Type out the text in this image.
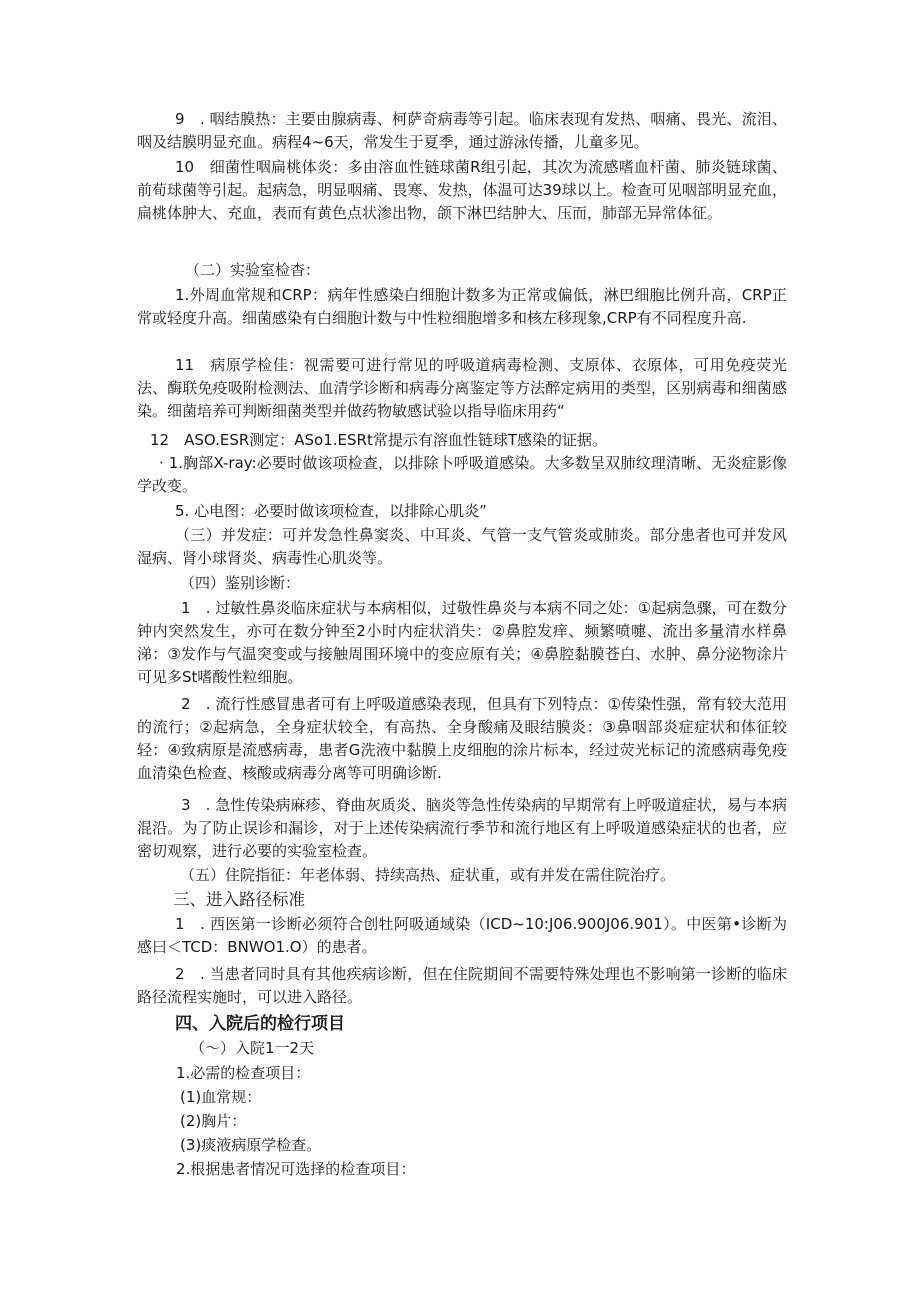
9　. 咽结膜热：主要由腺病毒、柯萨奇病毒等引起。临床表现有发热、咽痛、畏光、流泪、咽及结膜明显充血。病程4~6天，常发生于夏季，通过游泳传播，儿童多见。

10　细菌性咽扁桃体炎：多由溶血性链球菌R组引起，其次为流感嗜血杆菌、肺炎链球菌、前荀球菌等引起。起病急，明显咽痛、畏寒、发热，体温可达39球以上。检查可见咽部明显充血，扁桃体肿大、充血，表而有黄色点状渗出物，颌下淋巴结肿大、压而，肺部无异常体征。

（二）实验室检杳：

1.外周血常规和CRP：病年性感染白细胞计数多为正常或偏低，淋巴细胞比例升高，CRP正常或轻度升高。细菌感染有白细胞计数与中性粒细胞增多和核左移现象,CRP有不同程度升高.

11　病原学检佳：视需要可进行常见的呼吸道病毒检测、支原体、衣原体，可用免疫荧光法、酶联免疫吸附检测法、血清学诊断和病毒分离鉴定等方法醉定病用的类型，区别病毒和细菌感染。细菌培养可判断细菌类型并做药物敏感试验以指导临床用药“

12　ASO.ESR测定：ASo1.ESRt常提示有溶血性链球T感染的证据。

· 1.胸部X-ray:必要时做该项检查，以排除卜呼吸道感染。大多数呈双肺纹理清晰、无炎症影像学改变。

5. 心电图：必要时做该项检查，以排除心肌炎”

（三）并发症：可并发急性鼻窦炎、中耳炎、气管一支气管炎或肺炎。部分患者也可并发风湿病、肾小球肾炎、病毒性心肌炎等。

（四）鉴别诊断：

1　. 过敏性鼻炎临床症状与本病相似，过敬性鼻炎与本病不同之处：①起病急骤，可在数分钟内突然发生，亦可在数分钟至2小时内症状消失：②鼻腔发痒、频繁喷嚏、流出多量清水样鼻涕：③发作与气温突变或与接触周围环境中的变应原有关；④鼻腔黏膜苍白、水肿、鼻分泌物涂片可见多St嗜酸性粒细胞。

2　. 流行性感冒患者可有上呼吸道感染表现，但具有下列特点：①传染性强，常有较大范用的流行；②起病急，全身症状较全，有高热、全身酸痛及眼结膜炎：③鼻咽部炎症症状和体征较轻：④致病原是流感病毒，患者G洗液中黏膜上皮细胞的涂片标本，经过荧光标记的流感病毒免疫血清染色检查、核酸或病毒分离等可明确诊断.

3　. 急性传染病麻疹、脊曲灰质炎、脑炎等急性传染病的早期常有上呼吸道症状，易与本病混沿。为了防止误诊和漏诊，对于上述传染病流行季节和流行地区有上呼吸道感染症状的也者，应密切观察，进行必要的实验室检查。

（五）住院指征：年老体弱、持续高热、症状重，或有并发在需住院治疗。

三、进入路径标准

1　. 西医第一诊断必须符合创牡阿吸通域染（ICD~10:J06.900J06.901）。中医第•诊断为感曰＜TCD：BNWO1.O）的患者。

2　. 当患者同时具有其他疾病诊断，但在住院期间不需要特殊处理也不影响第一诊断的临床路径流程实施时，可以进入路径。

四、入院后的检行项目

（〜）入院1一2天

1.必需的检查项目：

(1)血常规：

(2)胸片：

(3)痰液病原学检查。

2.根据患者情况可选择的检查项目：
